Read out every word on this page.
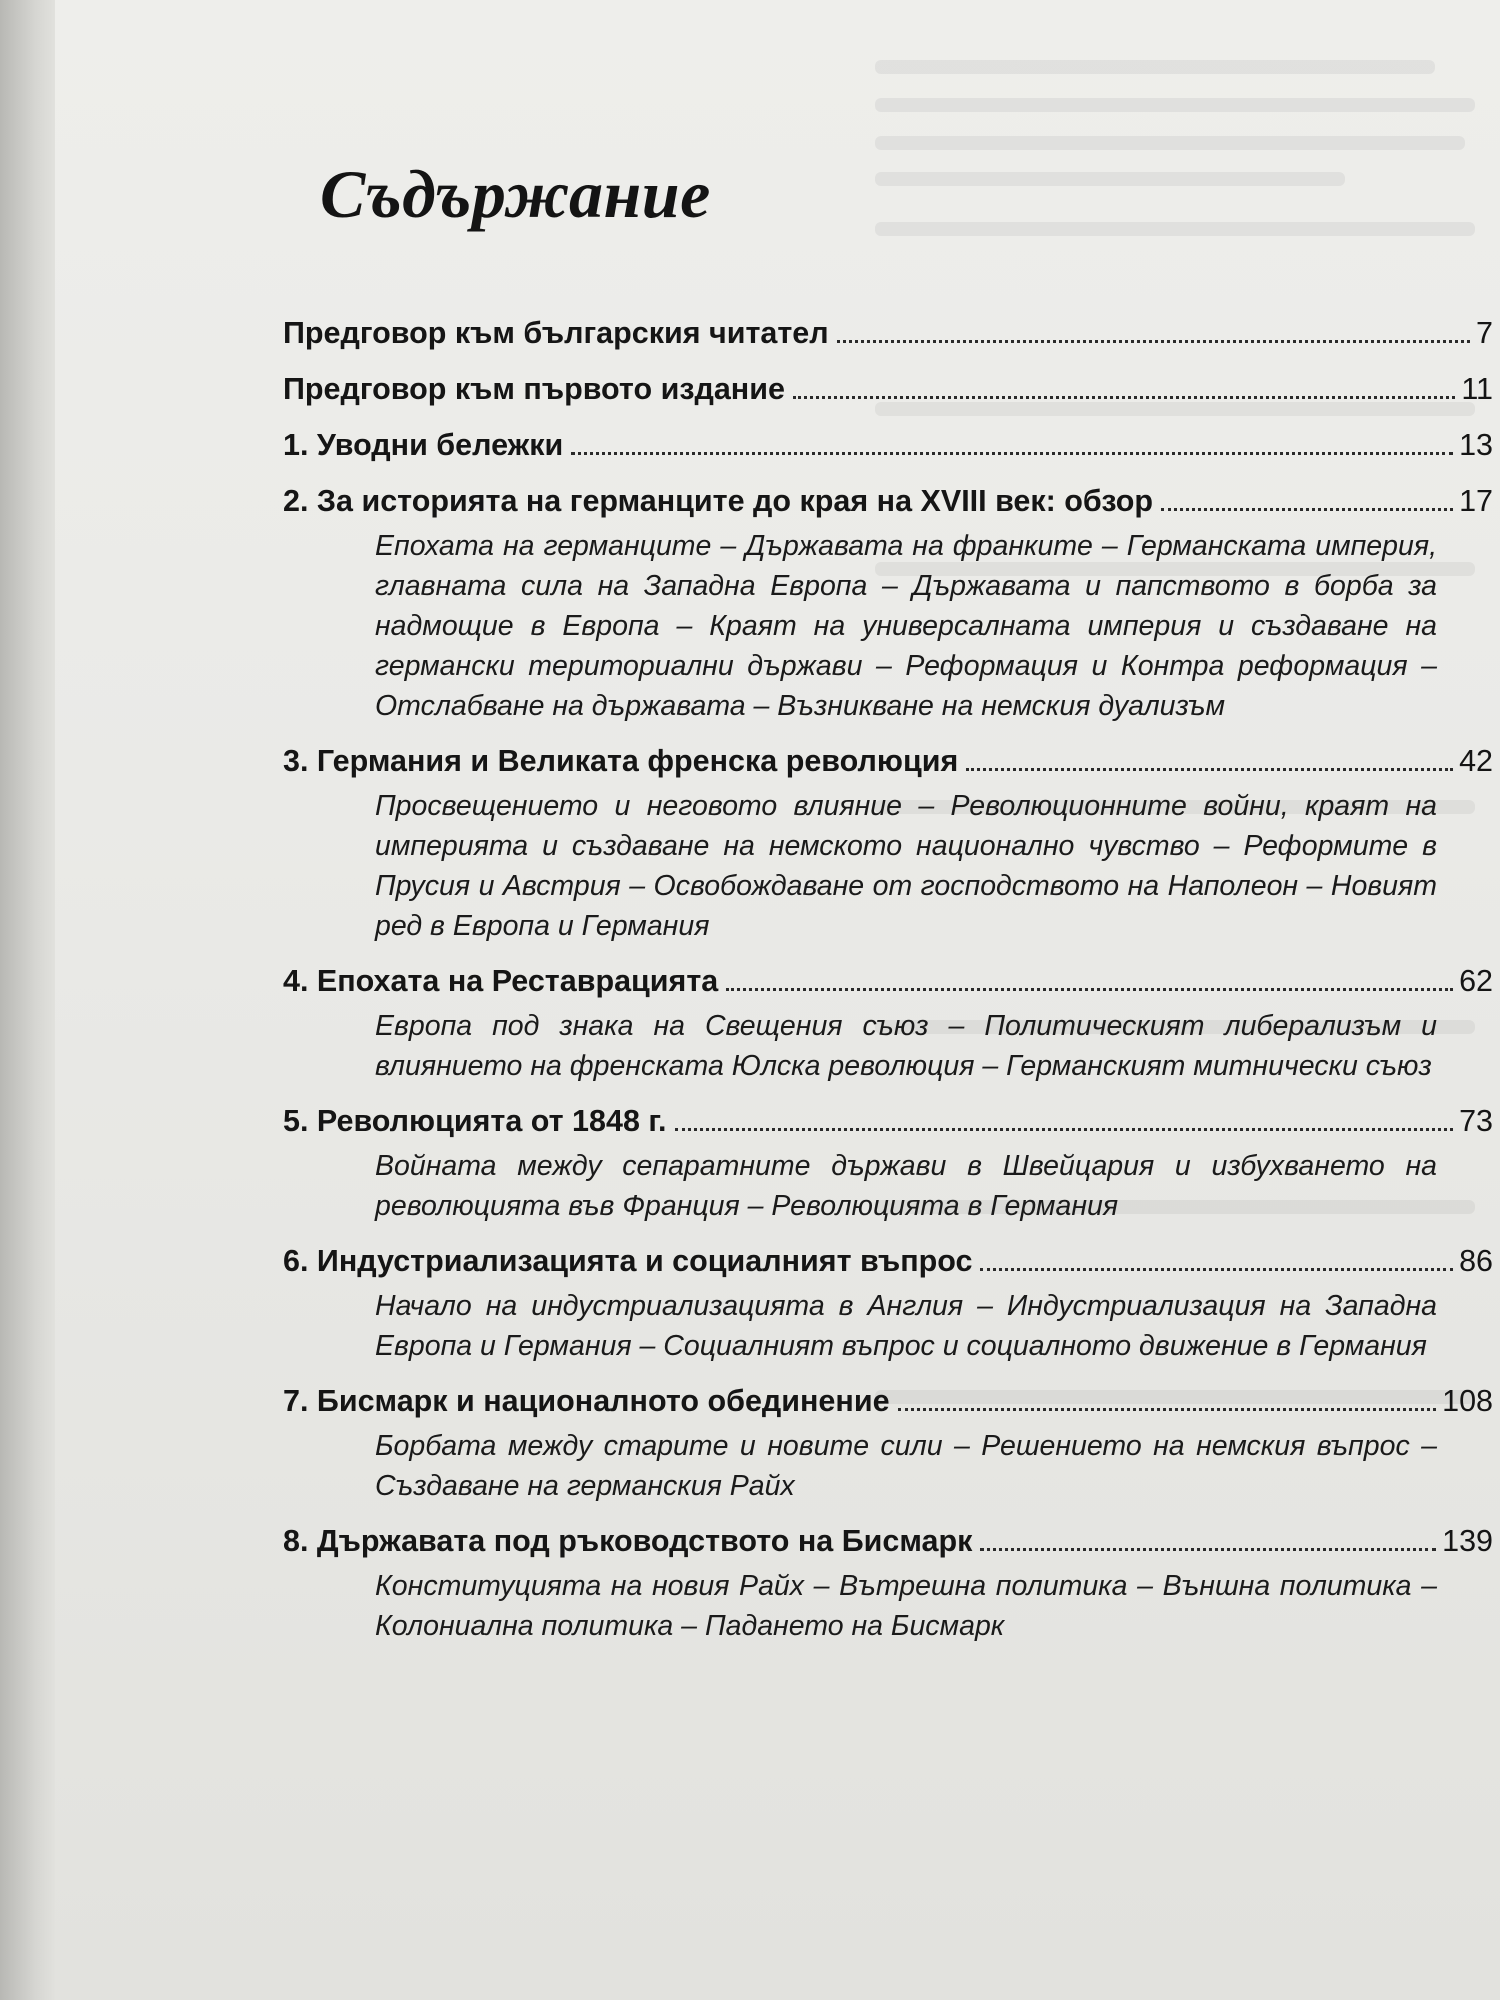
Съдържание
Предговор към българския читател	7
Предговор към първото издание	11
1. Уводни бележки	13
2. За историята на германците до края на XVIII век: обзор	17
Епохата на германците – Държавата на франките – Германската империя, главната сила на Западна Европа – Държавата и папството в борба за надмощие в Европа – Краят на универсалната империя и създаване на германски териториални държави – Реформация и Контра реформация – Отслабване на държавата – Възникване на немския дуализъм
3. Германия и Великата френска революция	42
Просвещението и неговото влияние – Революционните войни, краят на империята и създаване на немското национално чувство – Реформите в Прусия и Австрия – Освобождаване от господството на Наполеон – Новият ред в Европа и Германия
4. Епохата на Реставрацията	62
Европа под знака на Свещения съюз – Политическият либерализъм и влиянието на френската Юлска революция – Германският митнически съюз
5. Революцията от 1848 г.	73
Войната между сепаратните държави в Швейцария и избухването на революцията във Франция – Революцията в Германия
6. Индустриализацията и социалният въпрос	86
Начало на индустриализацията в Англия – Индустриализация на Западна Европа и Германия – Социалният въпрос и социалното движение в Германия
7. Бисмарк и националното обединение	108
Борбата между старите и новите сили – Решението на немския въпрос – Създаване на германския Райх
8. Държавата под ръководството на Бисмарк	139
Конституцията на новия Райх – Вътрешна политика – Външна политика – Колониална политика – Падането на Бисмарк
